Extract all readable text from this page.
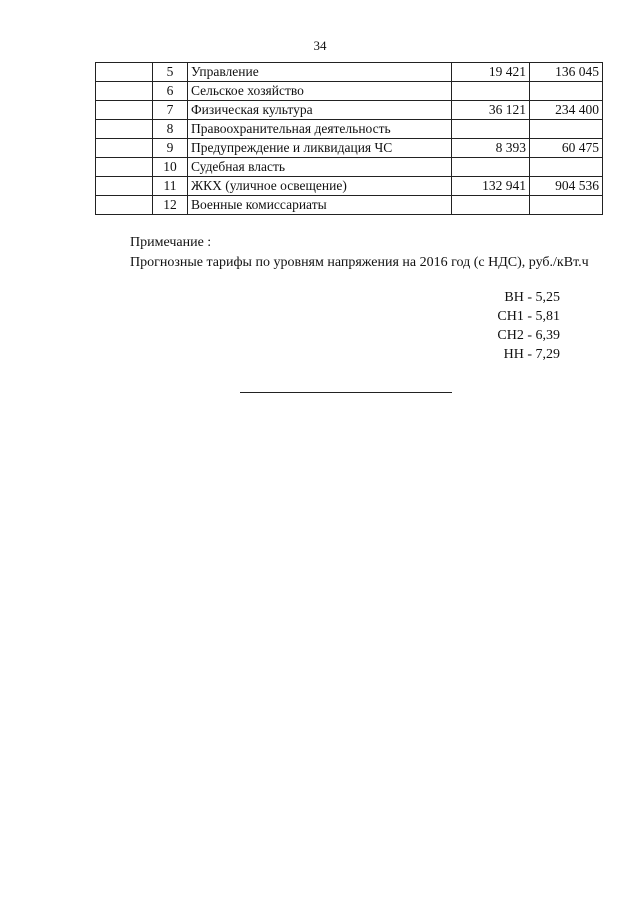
34
	5	Управление	19 421	136 045
	6	Сельское хозяйство		
	7	Физическая культура	36 121	234 400
	8	Правоохранительная деятельность		
	9	Предупреждение и ликвидация ЧС	8 393	60 475
	10	Судебная власть		
	11	ЖКХ (уличное освещение)	132 941	904 536
	12	Военные комиссариаты		
Примечание :
Прогнозные тарифы по уровням напряжения на 2016 год (с НДС), руб./кВт.ч
ВН - 5,25
СН1 - 5,81
СН2 - 6,39
НН - 7,29
